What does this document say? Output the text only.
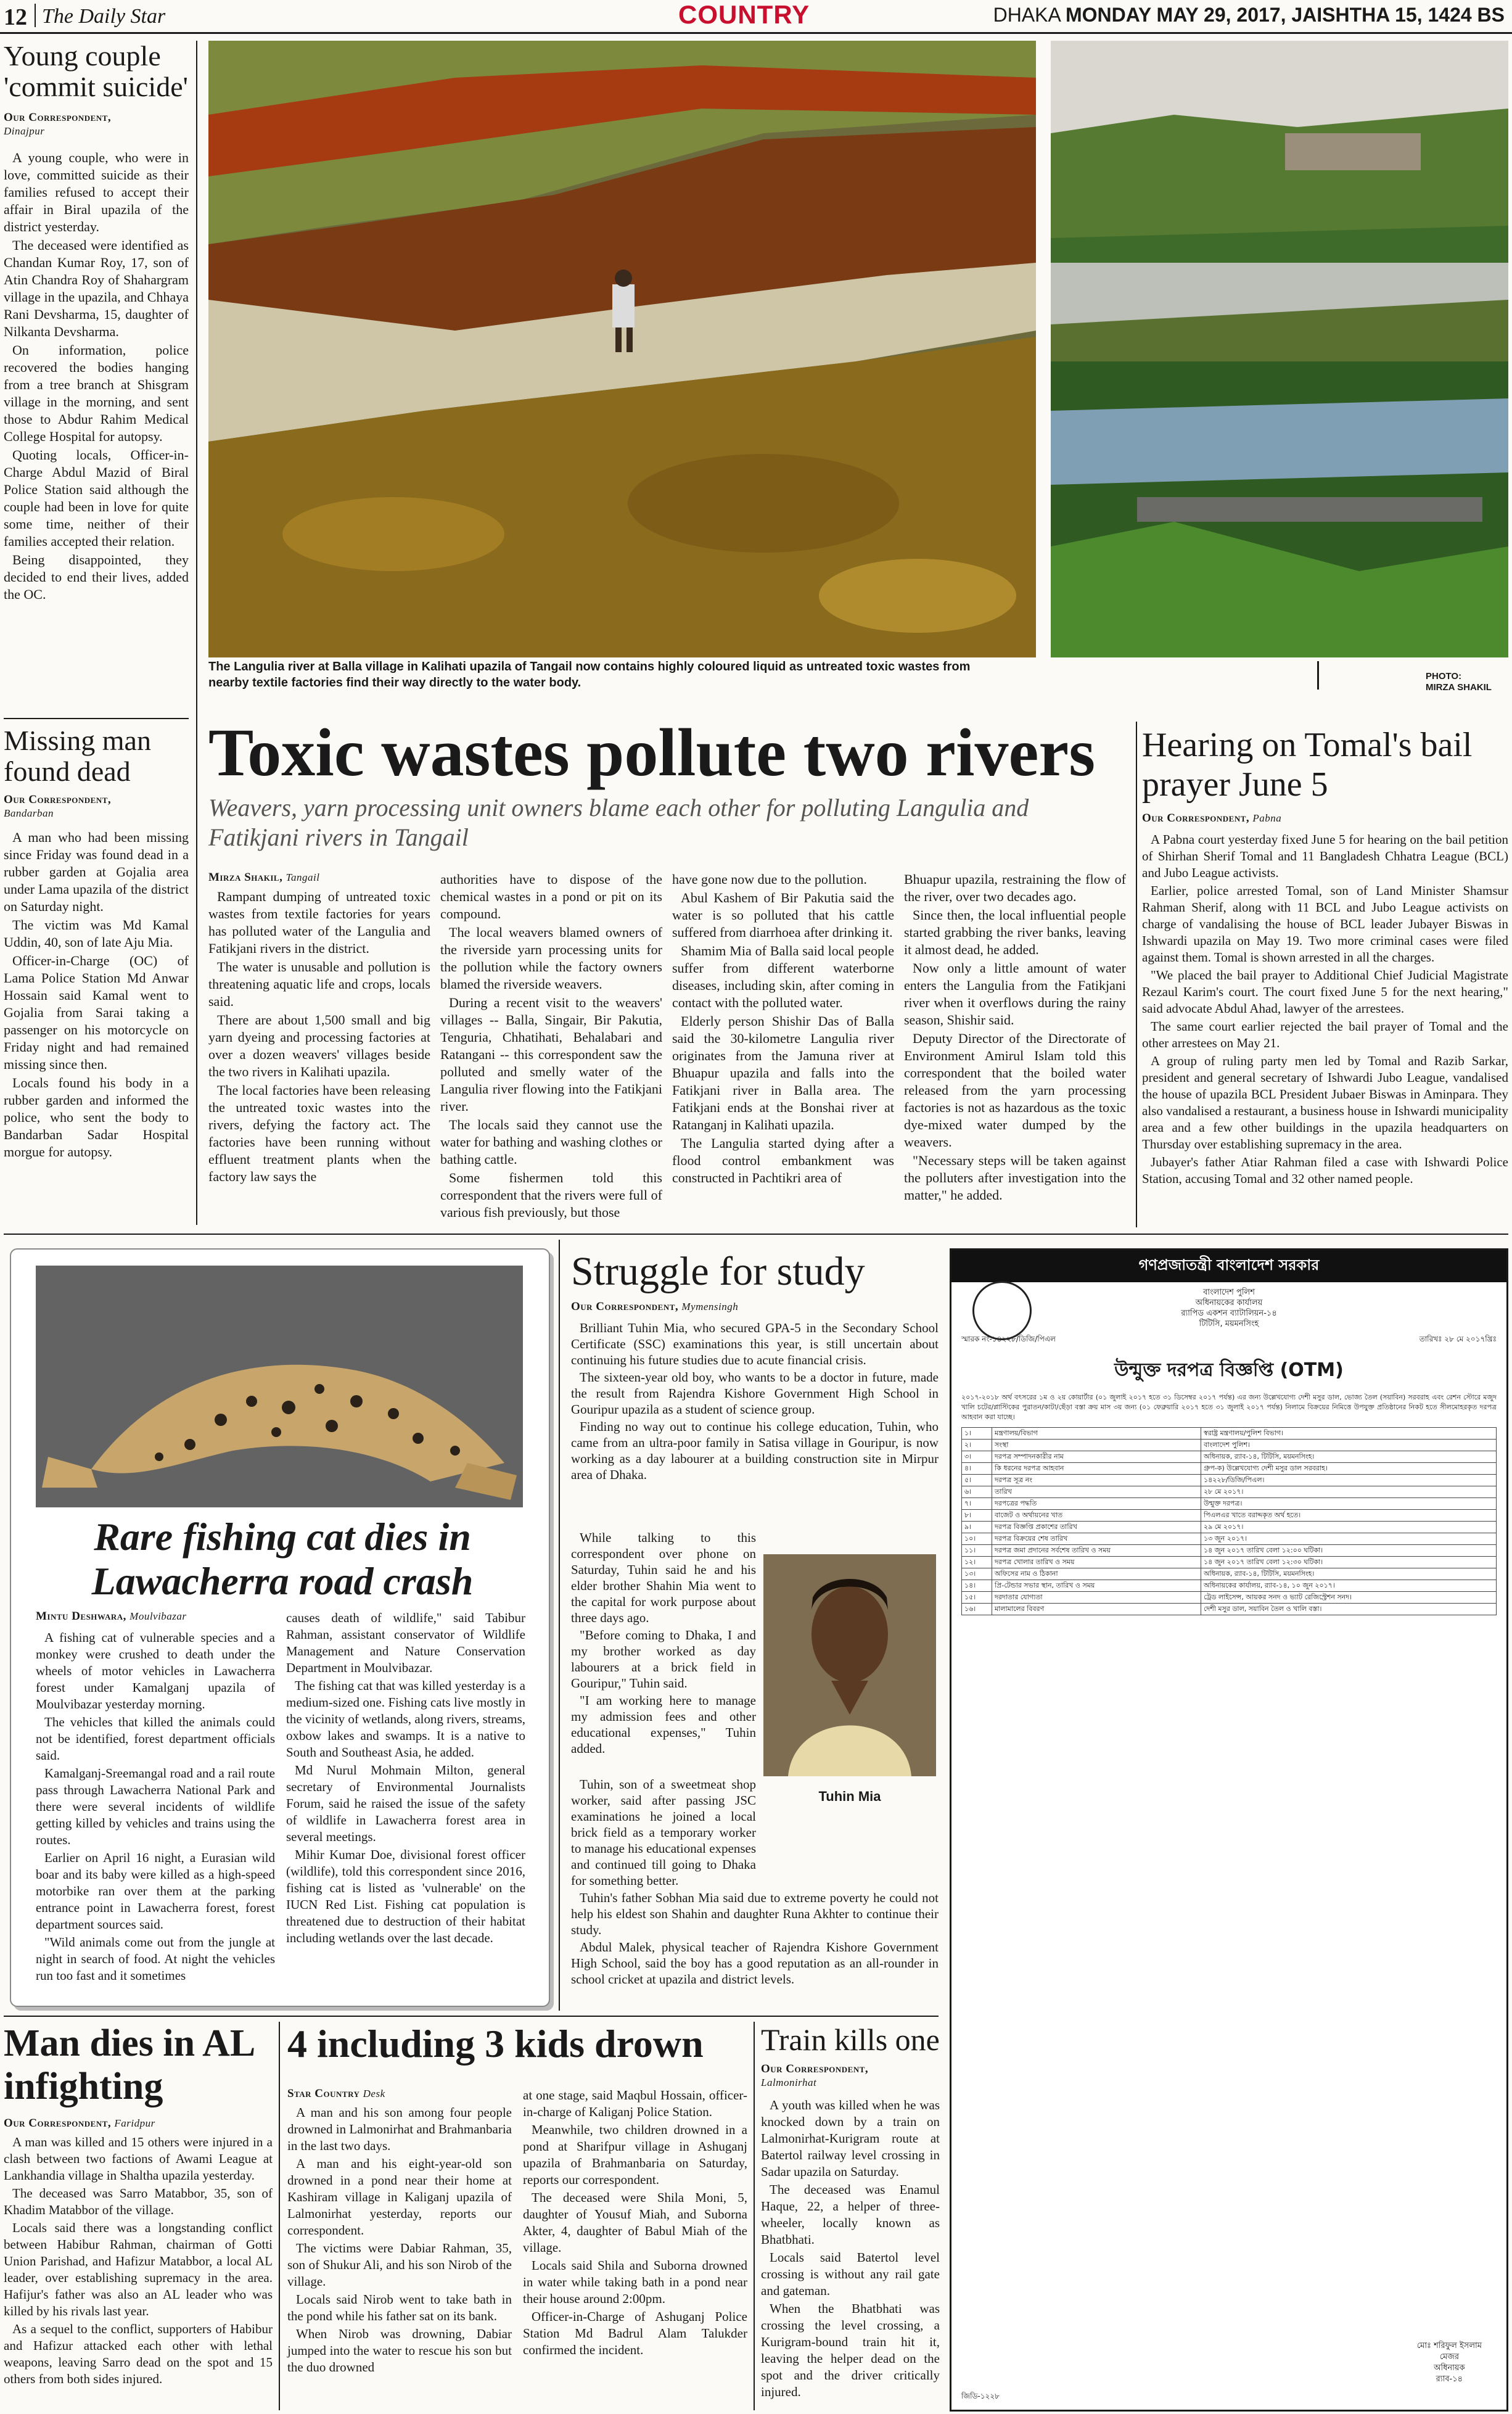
12 The Daily Star	COUNTRY	DHAKA MONDAY MAY 29, 2017, JAISHTHA 15, 1424 BS
Young couple 'commit suicide'
Our Correspondent,
Dinajpur

A young couple, who were in love, committed suicide as their families refused to accept their affair in Biral upazila of the district yesterday.

The deceased were identified as Chandan Kumar Roy, 17, son of Atin Chandra Roy of Shahargram village in the upazila, and Chhaya Rani Devsharma, 15, daughter of Nilkanta Devsharma.

On information, police recovered the bodies hanging from a tree branch at Shisgram village in the morning, and sent those to Abdur Rahim Medical College Hospital for autopsy.

Quoting locals, Officer-in-Charge Abdul Mazid of Biral Police Station said although the couple had been in love for quite some time, neither of their families accepted their relation.

Being disappointed, they decided to end their lives, added the OC.

Missing man found dead
Our Correspondent,
Bandarban

A man who had been missing since Friday was found dead in a rubber garden at Gojalia area under Lama upazila of the district on Saturday night.

The victim was Md Kamal Uddin, 40, son of late Aju Mia.

Officer-in-Charge (OC) of Lama Police Station Md Anwar Hossain said Kamal went to Gojalia from Sarai taking a passenger on his motorcycle on Friday night and had remained missing since then.

Locals found his body in a rubber garden and informed the police, who sent the body to Bandarban Sadar Hospital morgue for autopsy.

The Langulia river at Balla village in Kalihati upazila of Tangail now contains highly coloured liquid as untreated toxic wastes from nearby textile factories find their way directly to the water body.	PHOTO:
MIRZA SHAKIL
Toxic wastes pollute two rivers
Weavers, yarn processing unit owners blame each other for polluting Langulia and Fatikjani rivers in Tangail
Mirza Shakil, Tangail

Rampant dumping of untreated toxic wastes from textile factories for years has polluted water of the Langulia and Fatikjani rivers in the district.

The water is unusable and pollution is threatening aquatic life and crops, locals said.

There are about 1,500 small and big yarn dyeing and processing factories at over a dozen weavers' villages beside the two rivers in Kalihati upazila.

The local factories have been releasing the untreated toxic wastes into the rivers, defying the factory act. The factories have been running without effluent treatment plants when the factory law says the

authorities have to dispose of the chemical wastes in a pond or pit on its compound.

The local weavers blamed owners of the riverside yarn processing units for the pollution while the factory owners blamed the riverside weavers.

During a recent visit to the weavers' villages -- Balla, Singair, Bir Pakutia, Tenguria, Chhatihati, Behalabari and Ratangani -- this correspondent saw the polluted and smelly water of the Langulia river flowing into the Fatikjani river.

The locals said they cannot use the water for bathing and washing clothes or bathing cattle.

Some fishermen told this correspondent that the rivers were full of various fish previously, but those

have gone now due to the pollution.

Abul Kashem of Bir Pakutia said the water is so polluted that his cattle suffered from diarrhoea after drinking it.

Shamim Mia of Balla said local people suffer from different waterborne diseases, including skin, after coming in contact with the polluted water.

Elderly person Shishir Das of Balla said the 30-kilometre Langulia river originates from the Jamuna river at Bhuapur upazila and falls into the Fatikjani river in Balla area. The Fatikjani ends at the Bonshai river at Ratanganj in Kalihati upazila.

The Langulia started dying after a flood control embankment was constructed in Pachtikri area of

Bhuapur upazila, restraining the flow of the river, over two decades ago.

Since then, the local influential people started grabbing the river banks, leaving it almost dead, he added.

Now only a little amount of water enters the Langulia from the Fatikjani river when it overflows during the rainy season, Shishir said.

Deputy Director of the Directorate of Environment Amirul Islam told this correspondent that the boiled water released from the yarn processing factories is not as hazardous as the toxic dye-mixed water dumped by the weavers.

"Necessary steps will be taken against the polluters after investigation into the matter," he added.

Hearing on Tomal's bail prayer June 5
Our Correspondent, Pabna

A Pabna court yesterday fixed June 5 for hearing on the bail petition of Shirhan Sherif Tomal and 11 Bangladesh Chhatra League (BCL) and Jubo League activists.

Earlier, police arrested Tomal, son of Land Minister Shamsur Rahman Sherif, along with 11 BCL and Jubo League activists on charge of vandalising the house of BCL leader Jubayer Biswas in Ishwardi upazila on May 19. Two more criminal cases were filed against them. Tomal is shown arrested in all the charges.

"We placed the bail prayer to Additional Chief Judicial Magistrate Rezaul Karim's court. The court fixed June 5 for the next hearing," said advocate Abdul Ahad, lawyer of the arrestees.

The same court earlier rejected the bail prayer of Tomal and the other arrestees on May 21.

A group of ruling party men led by Tomal and Razib Sarkar, president and general secretary of Ishwardi Jubo League, vandalised the house of upazila BCL President Jubaer Biswas in Aminpara. They also vandalised a restaurant, a business house in Ishwardi municipality area and a few other buildings in the upazila headquarters on Thursday over establishing supremacy in the area.

Jubayer's father Atiar Rahman filed a case with Ishwardi Police Station, accusing Tomal and 32 other named people.

Rare fishing cat dies in Lawacherra road crash
Mintu Deshwara, Moulvibazar

A fishing cat of vulnerable species and a monkey were crushed to death under the wheels of motor vehicles in Lawacherra forest under Kamalganj upazila of Moulvibazar yesterday morning.

The vehicles that killed the animals could not be identified, forest department officials said.

Kamalganj-Sreemangal road and a rail route pass through Lawacherra National Park and there were several incidents of wildlife getting killed by vehicles and trains using the routes.

Earlier on April 16 night, a Eurasian wild boar and its baby were killed as a high-speed motorbike ran over them at the parking entrance point in Lawacherra forest, forest department sources said.

"Wild animals come out from the jungle at night in search of food. At night the vehicles run too fast and it sometimes

causes death of wildlife," said Tabibur Rahman, assistant conservator of Wildlife Management and Nature Conservation Department in Moulvibazar.

The fishing cat that was killed yesterday is a medium-sized one. Fishing cats live mostly in the vicinity of wetlands, along rivers, streams, oxbow lakes and swamps. It is a native to South and Southeast Asia, he added.

Md Nurul Mohmain Milton, general secretary of Environmental Journalists Forum, said he raised the issue of the safety of wildlife in Lawacherra forest area in several meetings.

Mihir Kumar Doe, divisional forest officer (wildlife), told this correspondent since 2016, fishing cat is listed as 'vulnerable' on the IUCN Red List. Fishing cat population is threatened due to destruction of their habitat including wetlands over the last decade.

Struggle for study
Our Correspondent, Mymensingh

Brilliant Tuhin Mia, who secured GPA-5 in the Secondary School Certificate (SSC) examinations this year, is still uncertain about continuing his future studies due to acute financial crisis.

The sixteen-year old boy, who wants to be a doctor in future, made the result from Rajendra Kishore Government High School in Gouripur upazila as a student of science group.

Finding no way out to continue his college education, Tuhin, who came from an ultra-poor family in Satisa village in Gouripur, is now working as a day labourer at a building construction site in Mirpur area of Dhaka.

While talking to this correspondent over phone on Saturday, Tuhin said he and his elder brother Shahin Mia went to the capital for work purpose about three days ago.

"Before coming to Dhaka, I and my brother worked as day labourers at a brick field in Gouripur," Tuhin said.

"I am working here to manage my admission fees and other educational expenses," Tuhin added.

Tuhin Mia

Tuhin, son of a sweetmeat shop worker, said after passing JSC examinations he joined a local brick field as a temporary worker to manage his educational expenses and continued till going to Dhaka for something better.

Tuhin's father Sobhan Mia said due to extreme poverty he could not help his eldest son Shahin and daughter Runa Akhter to continue their study.

Abdul Malek, physical teacher of Rajendra Kishore Government High School, said the boy has a good reputation as an all-rounder in school cricket at upazila and district levels.

গণপ্রজাতন্ত্রী বাংলাদেশ সরকার
বাংলাদেশ পুলিশ
অধিনায়কের কার্যালয়
র‍্যাপিড একশন ব্যাটালিয়ন-১৪
টিটিসি, ময়মনসিংহ
স্মারক নং-১৪২২৮/ডিজি/পিএল	তারিখঃ ২৮ মে ২০১৭খ্রিঃ
উন্মুক্ত দরপত্র বিজ্ঞপ্তি (OTM)
২০১৭-২০১৮ অর্থ বৎসরের ১ম ও ২য় কোয়ার্টার (০১ জুলাই ২০১৭ হতে ৩১ ডিসেম্বর ২০১৭ পর্যন্ত) এর জন্য উল্লেখযোগ্য দেশী মসুর ডাল, ভোজ্য তৈল (সয়াবিন) সরবরাহ এবং রেশন স্টোরে মজুদ খালি চটের/প্লাস্টিকের পুরাতন/কাটা/ছেঁড়া বস্তা ক্রয় মাস ৩য় জন্য (০১ ফেব্রুয়ারি ২০১৭ হতে ৩১ জুলাই ২০১৭ পর্যন্ত) নিলামে বিক্রয়ের নিমিত্তে উপযুক্ত প্রতিষ্ঠানের নিকট হতে সীলমোহরকৃত দরপত্র আহবান করা যাচ্ছে।
১।	মন্ত্রণালয়/বিভাগ	স্বরাষ্ট্র মন্ত্রণালয়/পুলিশ বিভাগ।
২।	সংস্থা	বাংলাদেশ পুলিশ।
৩।	দরপত্র সম্পাদনকারীর নাম	অধিনায়ক, র‍্যাব-১৪, টিটিসি, ময়মনসিংহ।
৪।	কি ধরনের দরপত্র আহবান	গ্রুপ-ক) উল্লেখযোগ্য দেশী মসুর ডাল সরবরাহ।
৫।	দরপত্র সূত্র নং	১৪২২৮/ডিজি/পিএল।
৬।	তারিখ	২৮ মে ২০১৭।
৭।	দরপত্রের পদ্ধতি	উন্মুক্ত দরপত্র।
৮।	বাজেট ও অর্থায়নের খাত	পিএলএর খাতে বরাদ্দকৃত অর্থ হতে।
৯।	দরপত্র বিজ্ঞপ্তি প্রকাশের তারিখ	২৯ মে ২০১৭।
১০।	দরপত্র বিক্রয়ের শেষ তারিখ	১৩ জুন ২০১৭।
১১।	দরপত্র জমা প্রদানের সর্বশেষ তারিখ ও সময়	১৪ জুন ২০১৭ তারিখ বেলা ১২:০০ ঘটিকা।
১২।	দরপত্র খোলার তারিখ ও সময়	১৪ জুন ২০১৭ তারিখ বেলা ১২:৩০ ঘটিকা।
১৩।	অফিসের নাম ও ঠিকানা	অধিনায়ক, র‍্যাব-১৪, টিটিসি, ময়মনসিংহ।
১৪।	প্রি-টেন্ডার সভার স্থান, তারিখ ও সময়	অধিনায়কের কার্যালয়, র‍্যাব-১৪, ১০ জুন ২০১৭।
১৫।	দরদাতার যোগ্যতা	ট্রেড লাইসেন্স, আয়কর সনদ ও ভ্যাট রেজিস্ট্রেশন সনদ।
১৬।	মালামালের বিবরণ	দেশী মসুর ডাল, সয়াবিন তৈল ও খালি বস্তা।
মোঃ শরিফুল ইসলাম
মেজর
অধিনায়ক
র‍্যাব-১৪
জিডি-১২২৮
Man dies in AL infighting
Our Correspondent, Faridpur

A man was killed and 15 others were injured in a clash between two factions of Awami League at Lankhandia village in Shaltha upazila yesterday.

The deceased was Sarro Matabbor, 35, son of Khadim Matabbor of the village.

Locals said there was a longstanding conflict between Habibur Rahman, chairman of Gotti Union Parishad, and Hafizur Matabbor, a local AL leader, over establishing supremacy in the area. Hafijur's father was also an AL leader who was killed by his rivals last year.

As a sequel to the conflict, supporters of Habibur and Hafizur attacked each other with lethal weapons, leaving Sarro dead on the spot and 15 others from both sides injured.

4 including 3 kids drown
Star Country Desk

A man and his son among four people drowned in Lalmonirhat and Brahmanbaria in the last two days.

A man and his eight-year-old son drowned in a pond near their home at Kashiram village in Kaliganj upazila of Lalmonirhat yesterday, reports our correspondent.

The victims were Dabiar Rahman, 35, son of Shukur Ali, and his son Nirob of the village.

Locals said Nirob went to take bath in the pond while his father sat on its bank.

When Nirob was drowning, Dabiar jumped into the water to rescue his son but the duo drowned

at one stage, said Maqbul Hossain, officer-in-charge of Kaliganj Police Station.

Meanwhile, two children drowned in a pond at Sharifpur village in Ashuganj upazila of Brahmanbaria on Saturday, reports our correspondent.

The deceased were Shila Moni, 5, daughter of Yousuf Miah, and Suborna Akter, 4, daughter of Babul Miah of the village.

Locals said Shila and Suborna drowned in water while taking bath in a pond near their house around 2:00pm.

Officer-in-Charge of Ashuganj Police Station Md Badrul Alam Talukder confirmed the incident.

Train kills one
Our Correspondent,
Lalmonirhat

A youth was killed when he was knocked down by a train on Lalmonirhat-Kurigram route at Batertol railway level crossing in Sadar upazila on Saturday.

The deceased was Enamul Haque, 22, a helper of three-wheeler, locally known as Bhatbhati.

Locals said Batertol level crossing is without any rail gate and gateman.

When the Bhatbhati was crossing the level crossing, a Kurigram-bound train hit it, leaving the helper dead on the spot and the driver critically injured.
